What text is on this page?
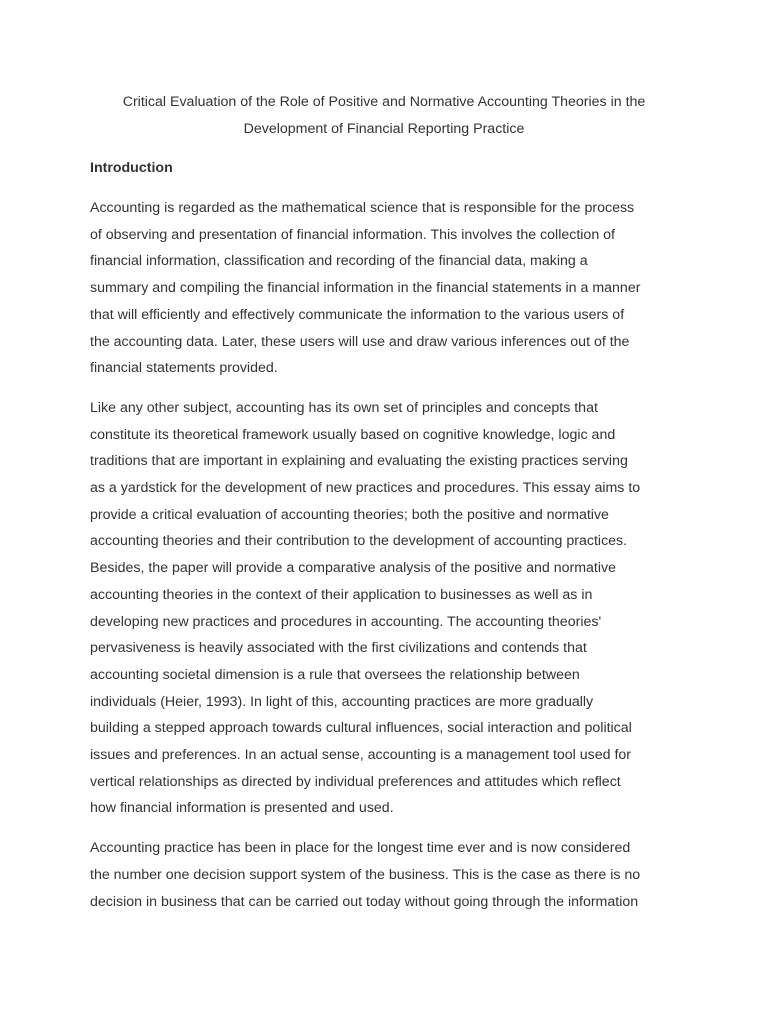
Critical Evaluation of the Role of Positive and Normative Accounting Theories in the
Development of Financial Reporting Practice
Introduction

Accounting is regarded as the mathematical science that is responsible for the process
of observing and presentation of financial information. This involves the collection of
financial information, classification and recording of the financial data, making a
summary and compiling the financial information in the financial statements in a manner
that will efficiently and effectively communicate the information to the various users of
the accounting data. Later, these users will use and draw various inferences out of the
financial statements provided.

Like any other subject, accounting has its own set of principles and concepts that
constitute its theoretical framework usually based on cognitive knowledge, logic and
traditions that are important in explaining and evaluating the existing practices serving
as a yardstick for the development of new practices and procedures. This essay aims to
provide a critical evaluation of accounting theories; both the positive and normative
accounting theories and their contribution to the development of accounting practices.
Besides, the paper will provide a comparative analysis of the positive and normative
accounting theories in the context of their application to businesses as well as in
developing new practices and procedures in accounting. The accounting theories'
pervasiveness is heavily associated with the first civilizations and contends that
accounting societal dimension is a rule that oversees the relationship between
individuals (Heier, 1993). In light of this, accounting practices are more gradually
building a stepped approach towards cultural influences, social interaction and political
issues and preferences. In an actual sense, accounting is a management tool used for
vertical relationships as directed by individual preferences and attitudes which reflect
how financial information is presented and used.

Accounting practice has been in place for the longest time ever and is now considered
the number one decision support system of the business. This is the case as there is no
decision in business that can be carried out today without going through the information
